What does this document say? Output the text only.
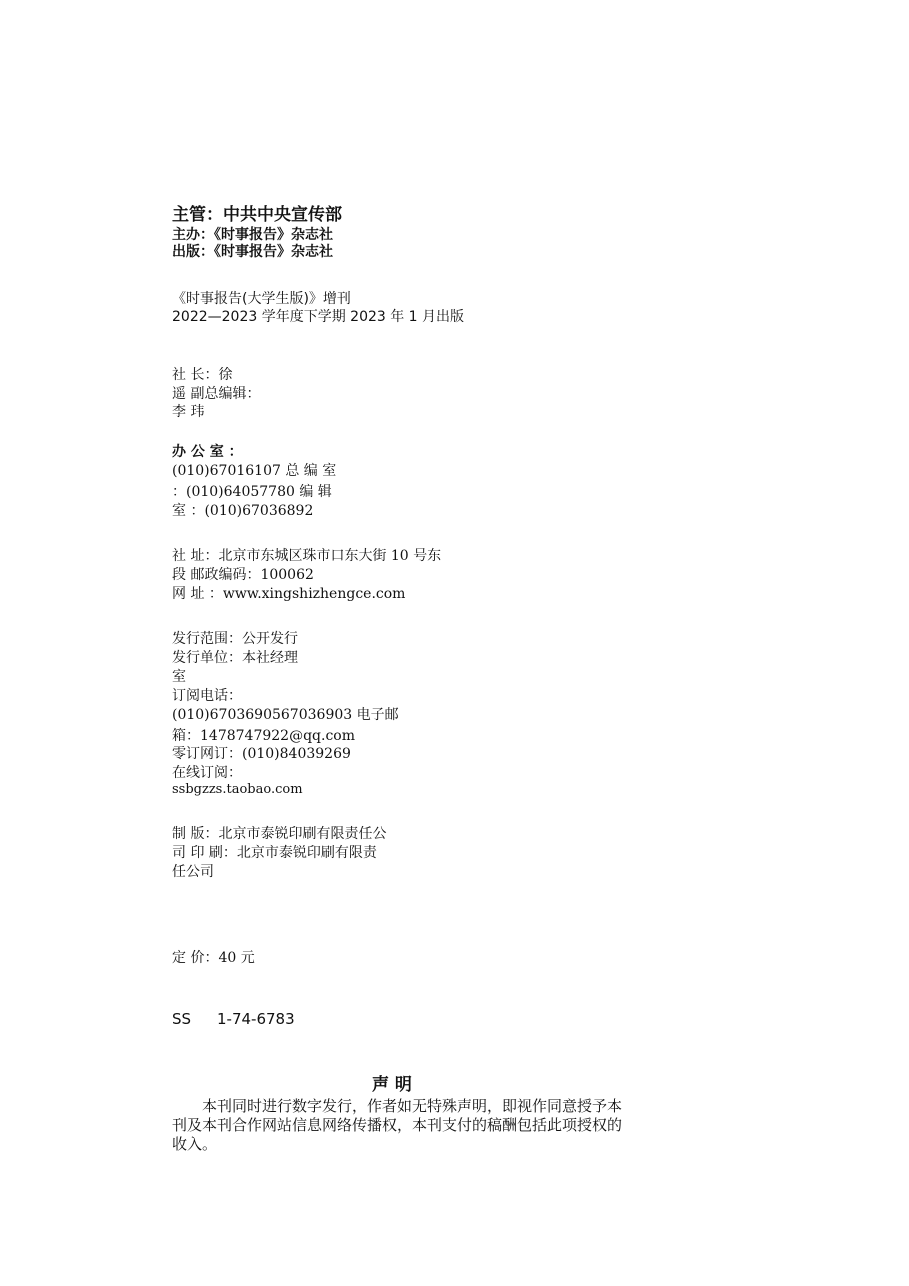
主管：中共中央宣传部
主办：《时事报告》杂志社
出版：《时事报告》杂志社
《时事报告(大学生版)》增刊
2022—2023 学年度下学期 2023 年 1 月出版
社 长：徐
遥 副总编辑：
李 玮
办 公 室 ：
(010)67016107 总 编 室
：(010)64057780 编 辑
室 ：(010)67036892
社 址：北京市东城区珠市口东大街 10 号东
段 邮政编码：100062
网 址 ：www.xingshizhengce.com
发行范围：公开发行
发行单位：本社经理
室
订阅电话：
(010)6703690567036903 电子邮
箱：1478747922@qq.com
零订网订：(010)84039269
在线订阅：
ssbgzzs.taobao.com
制 版：北京市泰锐印刷有限责任公
司 印 刷：北京市泰锐印刷有限责
任公司
定 价：40 元
SS 1-74-6783
声 明
本刊同时进行数字发行，作者如无特殊声明，即视作同意授予本刊及本刊合作网站信息网络传播权，本刊支付的稿酬包括此项授权的收入。
